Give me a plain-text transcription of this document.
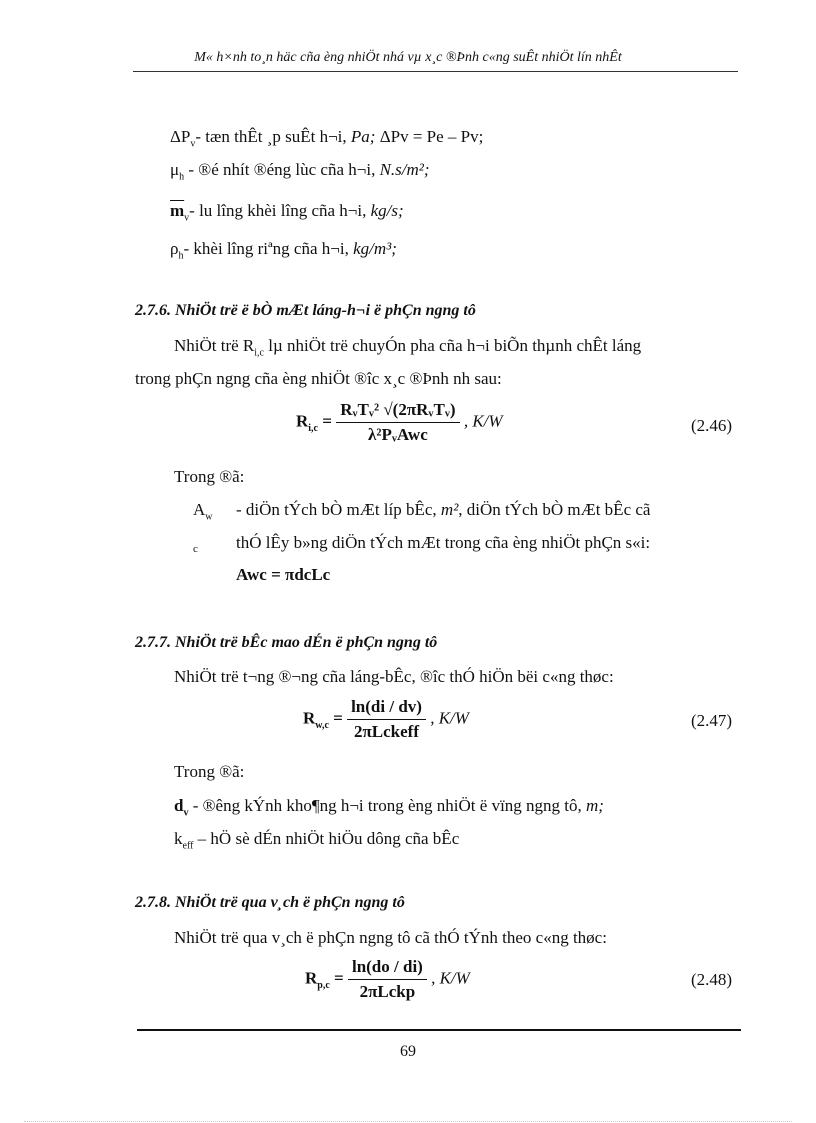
M« h×nh to¸n häc cña èng nhiÖt nhá vµ x¸c ®Þnh c«ng suÊt nhiÖt lín nhÊt
$\Delta P_v-$ tæn thÊt ¸p suÊt h¬i, Pa; ΔPv = Pe – Pv;
$\mu_h$ - ®é nhít ®éng lùc cña h¬i, N.s/m²;
$\overline{m}_v-$ lu lîng khèi lîng cña h¬i, kg/s;
$\rho_h-$ khèi lîng riªng cña h¬i, kg/m³;
2.7.6. NhiÖt trë ë bÒ mÆt láng-h¬i ë phÇn ngng tô
NhiÖt trë $R_{i,c}$ lµ nhiÖt trë chuyÓn pha cña h¬i biÕn thµnh chÊt láng
trong phÇn ngng cña èng nhiÖt ®îc x¸c ®Þnh nh sau:
$R_{i,c} = \frac{\text{RᵥTᵥ² √(2πRᵥTᵥ)}}{\text{λ²PᵥAwc}}$ , K/W	(2.46)
Trong ®ã:
$A_w$
c
- diÖn tÝch bÒ mÆt líp bÊc, m², diÖn tÝch bÒ mÆt bÊc cã
thÓ lÊy b»ng diÖn tÝch mÆt trong cña èng nhiÖt phÇn s«i:
Awc = πdcLc
2.7.7. NhiÖt trë bÊc mao dÉn ë phÇn ngng tô
NhiÖt trë t¬ng ®¬ng cña láng-bÊc, ®îc thÓ hiÖn bëi c«ng thøc:
$R_{w,c} = \frac{\ln(di / dv)}{\text{2πLckeff}}$ , K/W	(2.47)
Trong ®ã:
$d_v$ - ®êng kÝnh kho¶ng h¬i trong èng nhiÖt ë vïng ngng tô, m;
$k_{eff}$ – hÖ sè dÉn nhiÖt hiÖu dông cña bÊc
2.7.8. NhiÖt trë qua v¸ch ë phÇn ngng tô
NhiÖt trë qua v¸ch ë phÇn ngng tô cã thÓ tÝnh theo c«ng thøc:
$R_{p,c} = \frac{\ln(do / di)}{\text{2πLckp}}$ , K/W	(2.48)
69
